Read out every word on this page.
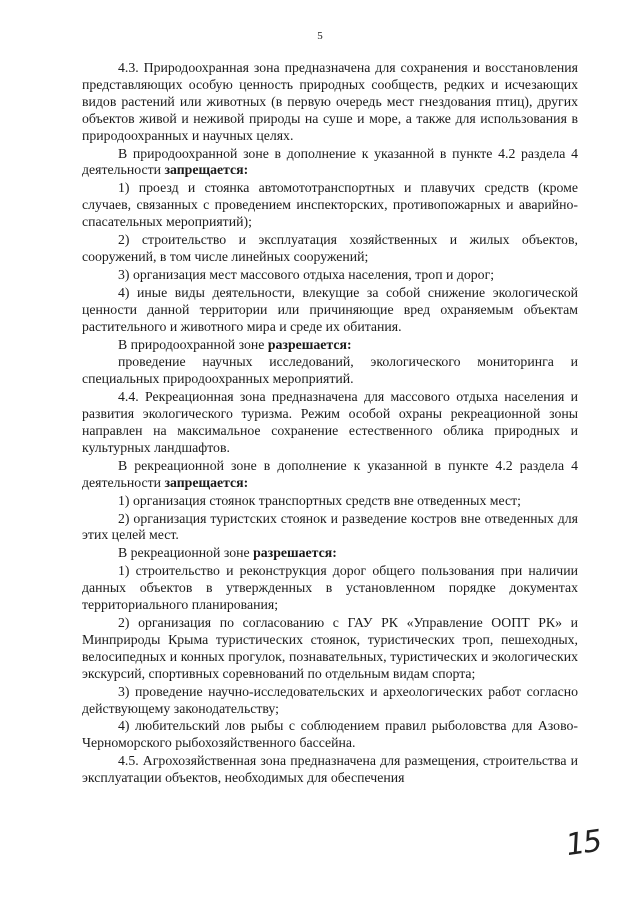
5

4.3. Природоохранная зона предназначена для сохранения и восстановления представляющих особую ценность природных сообществ, редких и исчезающих видов растений или животных (в первую очередь мест гнездования птиц), других объектов живой и неживой природы на суше и море, а также для использования в природоохранных и научных целях.

В природоохранной зоне в дополнение к указанной в пункте 4.2 раздела 4 деятельности запрещается:

1) проезд и стоянка автомототранспортных и плавучих средств (кроме случаев, связанных с проведением инспекторских, противопожарных и аварийно-спасательных мероприятий);

2) строительство и эксплуатация хозяйственных и жилых объектов, сооружений, в том числе линейных сооружений;

3) организация мест массового отдыха населения, троп и дорог;

4) иные виды деятельности, влекущие за собой снижение экологической ценности данной территории или причиняющие вред охраняемым объектам растительного и животного мира и среде их обитания.

В природоохранной зоне разрешается:

проведение научных исследований, экологического мониторинга и специальных природоохранных мероприятий.

4.4. Рекреационная зона предназначена для массового отдыха населения и развития экологического туризма. Режим особой охраны рекреационной зоны направлен на максимальное сохранение естественного облика природных и культурных ландшафтов.

В рекреационной зоне в дополнение к указанной в пункте 4.2 раздела 4 деятельности запрещается:

1) организация стоянок транспортных средств вне отведенных мест;

2) организация туристских стоянок и разведение костров вне отведенных для этих целей мест.

В рекреационной зоне разрешается:

1) строительство и реконструкция дорог общего пользования при наличии данных объектов в утвержденных в установленном порядке документах территориального планирования;

2) организация по согласованию с ГАУ РК «Управление ООПТ РК» и Минприроды Крыма туристических стоянок, туристических троп, пешеходных, велосипедных и конных прогулок, познавательных, туристических и экологических экскурсий, спортивных соревнований по отдельным видам спорта;

3) проведение научно-исследовательских и археологических работ согласно действующему законодательству;

4) любительский лов рыбы с соблюдением правил рыболовства для Азово-Черноморского рыбохозяйственного бассейна.

4.5. Агрохозяйственная зона предназначена для размещения, строительства и эксплуатации объектов, необходимых для обеспечения

15
